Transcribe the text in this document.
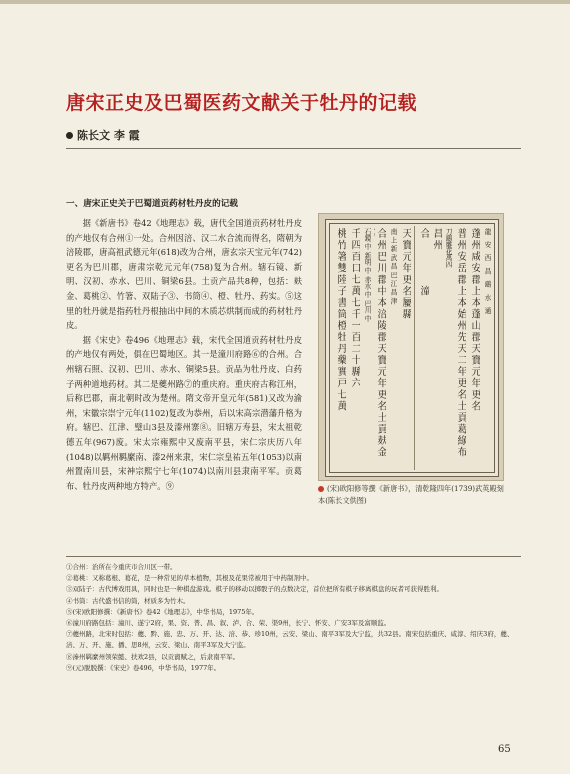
唐宋正史及巴蜀医药文献关于牡丹的记载
陈长文 李 霞
一、唐宋正史关于巴蜀道贡药材牡丹皮的记载

据《新唐书》卷42《地理志》载，唐代全国道贡药材牡丹皮的产地仅有合州①一处。合州因涪、汉二水合流而得名，隋朝为涪陵郡，唐高祖武德元年(618)改为合州，唐玄宗天宝元年(742)更名为巴川郡，唐肃宗乾元元年(758)复为合州。辖石镜、新明、汉初、赤水、巴川、铜梁6县。土贡产品共8种，包括：麸金、葛桃②、竹箸、双陆子③、书筒④、橙、牡丹、药实。⑤这里的牡丹就是指药牡丹根抽出中间的木质芯烘制而成的药材牡丹皮。

据《宋史》卷496《地理志》载，宋代全国道贡药材牡丹皮的产地仅有两处，俱在巴蜀地区。其一是潼川府路⑥的合州。合州辖石照、汉初、巴川、赤水、铜梁5县。贡品为牡丹皮、白药子两种道地药材。其二是夔州路⑦的重庆府。重庆府古称江州，后称巴郡，南北朝时改为楚州。隋文帝开皇元年(581)又改为渝州，宋徽宗崇宁元年(1102)复改为恭州，后以宋高宗潜藩升格为府。辖巴、江津、璧山3县及溱州寨⑧。旧辖万寿县，宋太祖乾德五年(967)废。宋太宗雍熙中又废南平县，宋仁宗庆历八年(1048)以羁州羁縻南、溱2州来隶，宋仁宗皇祐五年(1053)以南州置南川县，宋神宗熙宁七年(1074)以南川县隶南平军。贡葛布、牡丹皮两种地方特产。⑨

桃竹箸雙陸子書筒橙牡丹藥實戸七萬 千四百口七萬七千一百二十縣六 石鏡 中 新明 中 赤水 中 巴川 中 合州巴川郡中本涪陵郡天寶元年更名土貢麸金
南 上 新 武 昌 巴 江 昌 津 天寶元年更名屬縣 合　　　　潼 昌州 刀鷂雕花萬四 普州安岳郡上本始州先天二年更名土貢葛綠布 蓬州咸安郡上本蓬山郡天寶元年更名 龍　安　西　昌　鷂　水　通

(宋)欧阳修等撰《新唐书》，清乾隆四年(1739)武英殿刻本(陈长文供图)

①合州：治所在今重庆市合川区一带。
②葛桃：又称葛根、葛花，是一种常见的草本植物，其根及花果常被用于中药制剂中。
③双陆子：古代博戏用具，同时也是一种棋盘游戏。棋子的移动以掷骰子的点数决定，首位把所有棋子移离棋盘的玩者可获得胜利。
④书筒：古代盛书信的筒，材质多为竹木。
⑤(宋)欧阳修撰：《新唐书》卷42《地理志》，中华书局，1975年。
⑥潼川府路包括：潼川、遂宁2府，果、资、普、昌、叙、泸、合、荣、渠9州，长宁、怀安、广安3军及富顺监。
⑦夔州路，北宋时包括：夔、黔、施、忠、万、开、达、涪、恭、珍10州，云安、梁山、南平3军及大宁监，共32县。南宋包括重庆、咸淳、绍庆3府，夔、涪、万、开、施、播、思8州，云安、梁山、南平3军及大宁监。
⑧溱州羁縻州领荣懿、扶欢2县，以贡賨赋之，后隶南平军。
⑨(元)脱脱撰：《宋史》卷496，中华书局，1977年。
65
